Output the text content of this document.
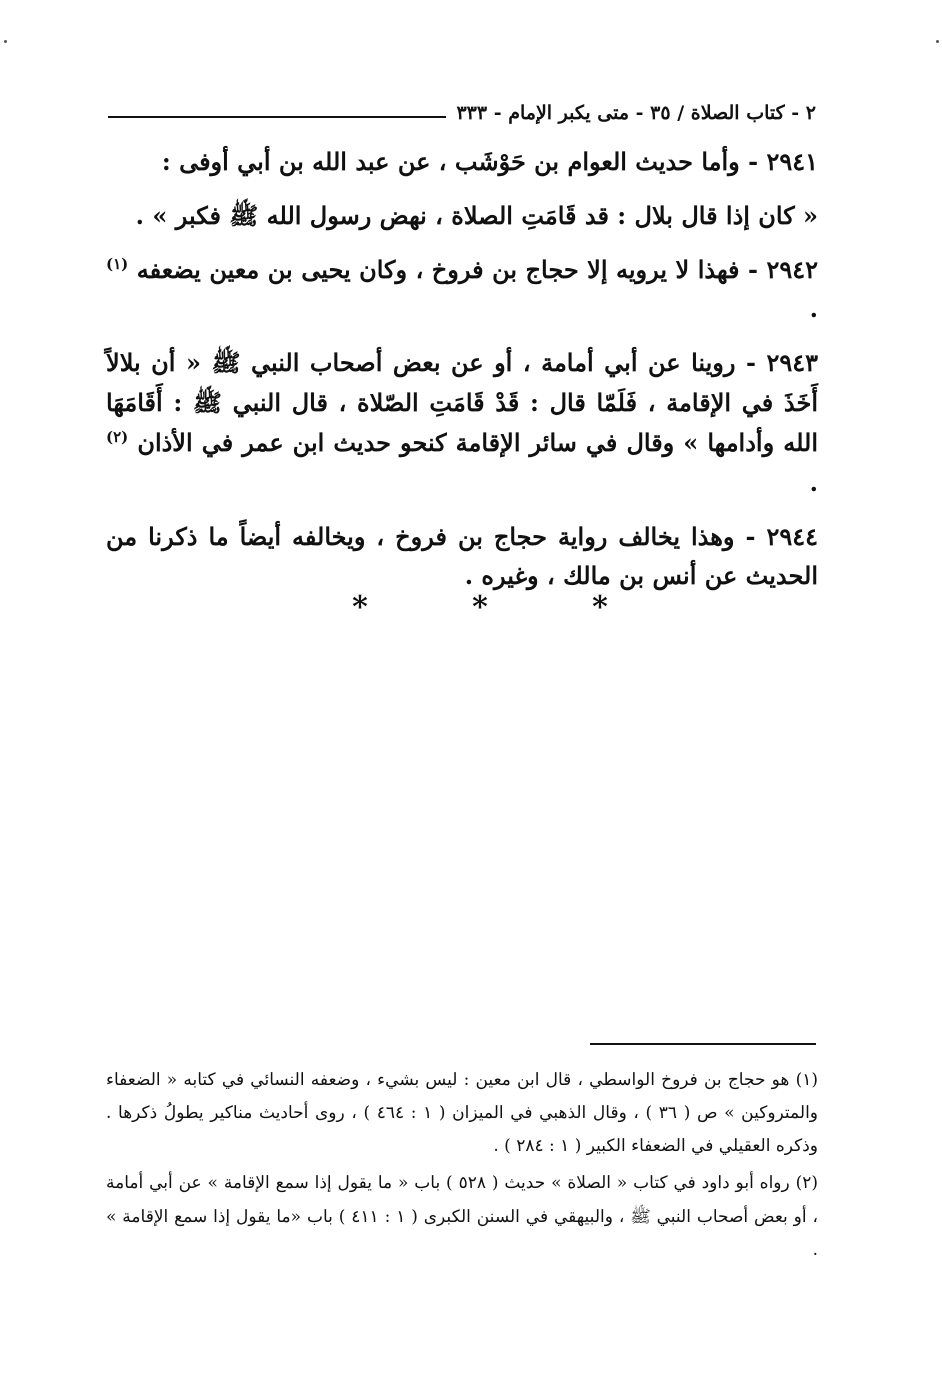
٢ - كتاب الصلاة / ٣٥ - متى يكبر الإمام - ٣٣٣

٢٩٤١ - وأما حديث العوام بن حَوْشَب ، عن عبد الله بن أبي أوفى :

« كان إذا قال بلال : قد قَامَتِ الصلاة ، نهض رسول الله ﷺ فكبر » .

٢٩٤٢ - فهذا لا يرويه إلا حجاج بن فروخ ، وكان يحيى بن معين يضعفه $^{(١)}$ .

٢٩٤٣ - روينا عن أبي أمامة ، أو عن بعض أصحاب النبي ﷺ « أن بلالاً أَخَذَ في الإقامة ، فَلَمّا قال : قَدْ قَامَتِ الصّلاة ، قال النبي ﷺ : أَقَامَهَا الله وأدامها » وقال في سائر الإقامة كنحو حديث ابن عمر في الأذان $^{(٢)}$ .

٢٩٤٤ - وهذا يخالف رواية حجاج بن فروخ ، ويخالفه أيضاً ما ذكرنا من الحديث عن أنس بن مالك ، وغيره .

*
*
*

(١) هو حجاج بن فروخ الواسطي ، قال ابن معين : ليس بشيء ، وضعفه النسائي في كتابه « الضعفاء والمتروكين » ص ( ٣٦ ) ، وقال الذهبي في الميزان ( ١ : ٤٦٤ ) ، روى أحاديث مناكير يطولُ ذكرها . وذكره العقيلي في الضعفاء الكبير ( ١ : ٢٨٤ ) .

(٢) رواه أبو داود في كتاب « الصلاة » حديث ( ٥٢٨ ) باب « ما يقول إذا سمع الإقامة » عن أبي أمامة ، أو بعض أصحاب النبي ﷺ ، والبيهقي في السنن الكبرى ( ١ : ٤١١ ) باب «ما يقول إذا سمع الإقامة » .
